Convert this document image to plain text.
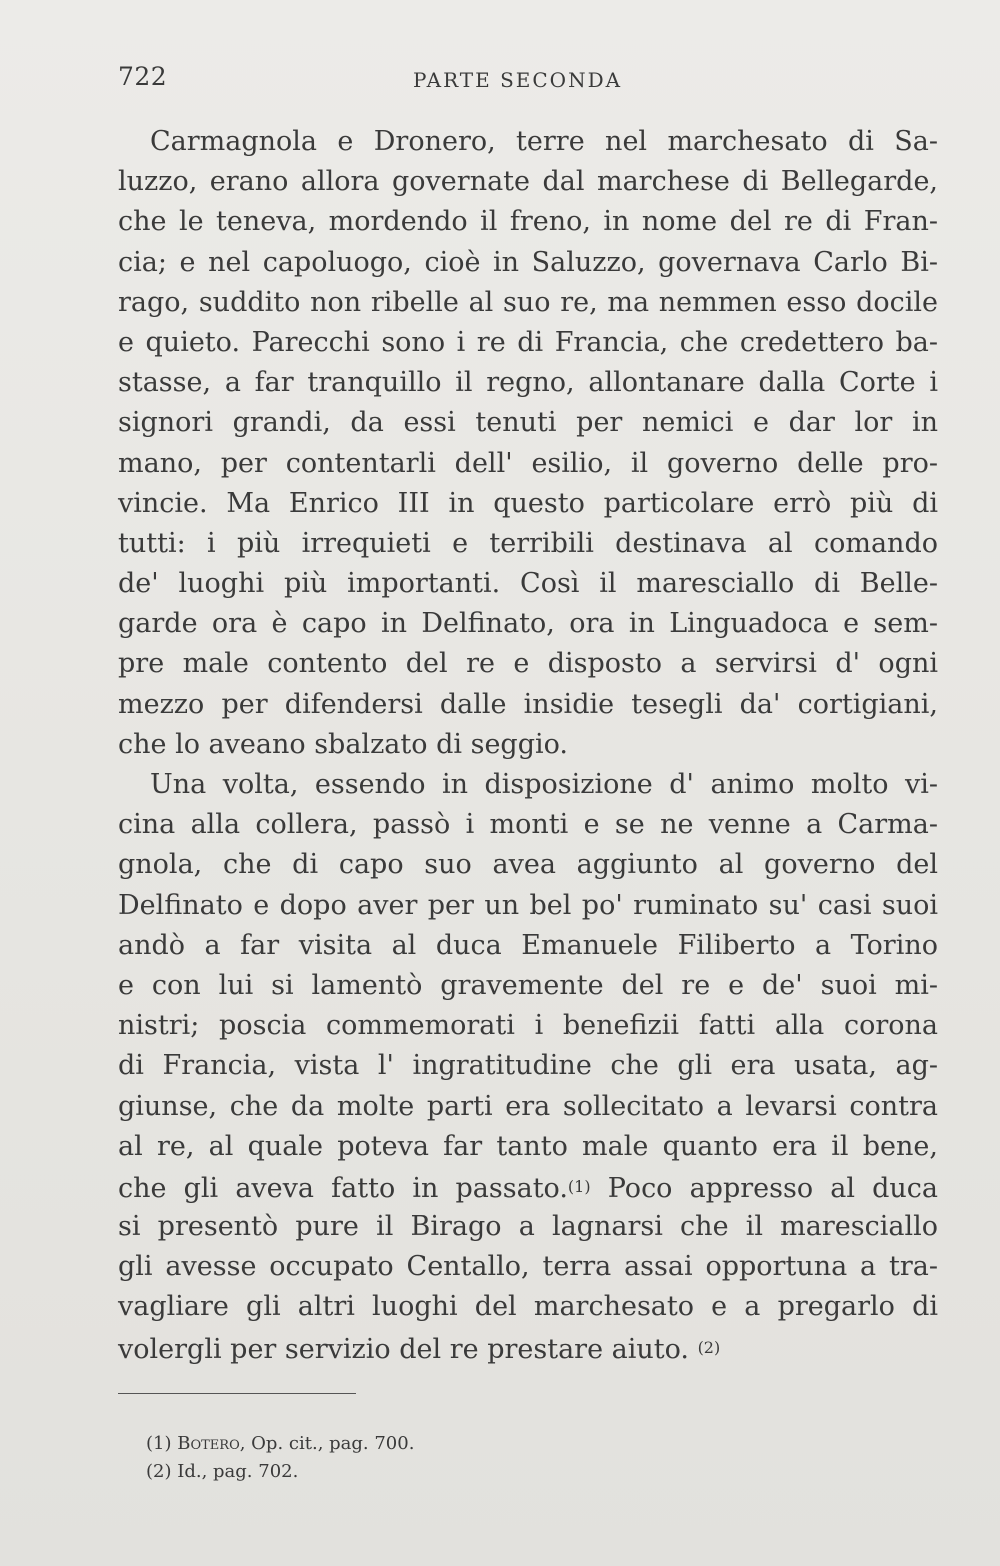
722	PARTE SECONDA
Carmagnola e Dronero, terre nel marchesato di Sa-
luzzo, erano allora governate dal marchese di Bellegarde,
che le teneva, mordendo il freno, in nome del re di Fran-
cia; e nel capoluogo, cioè in Saluzzo, governava Carlo Bi-
rago, suddito non ribelle al suo re, ma nemmen esso docile
e quieto. Parecchi sono i re di Francia, che credettero ba-
stasse, a far tranquillo il regno, allontanare dalla Corte i
signori grandi, da essi tenuti per nemici e dar lor in
mano, per contentarli dell' esilio, il governo delle pro-
vincie. Ma Enrico III in questo particolare errò più di
tutti: i più irrequieti e terribili destinava al comando
de' luoghi più importanti. Così il maresciallo di Belle-
garde ora è capo in Delfinato, ora in Linguadoca e sem-
pre male contento del re e disposto a servirsi d' ogni
mezzo per difendersi dalle insidie tesegli da' cortigiani,
che lo aveano sbalzato di seggio.
Una volta, essendo in disposizione d' animo molto vi-
cina alla collera, passò i monti e se ne venne a Carma-
gnola, che di capo suo avea aggiunto al governo del
Delfinato e dopo aver per un bel po' ruminato su' casi suoi
andò a far visita al duca Emanuele Filiberto a Torino
e con lui si lamentò gravemente del re e de' suoi mi-
nistri; poscia commemorati i benefizii fatti alla corona
di Francia, vista l' ingratitudine che gli era usata, ag-
giunse, che da molte parti era sollecitato a levarsi contra
al re, al quale poteva far tanto male quanto era il bene,
che gli aveva fatto in passato.(1) Poco appresso al duca
si presentò pure il Birago a lagnarsi che il maresciallo
gli avesse occupato Centallo, terra assai opportuna a tra-
vagliare gli altri luoghi del marchesato e a pregarlo di
volergli per servizio del re prestare aiuto. (2)
(1) Botero, Op. cit., pag. 700.
(2) Id., pag. 702.
